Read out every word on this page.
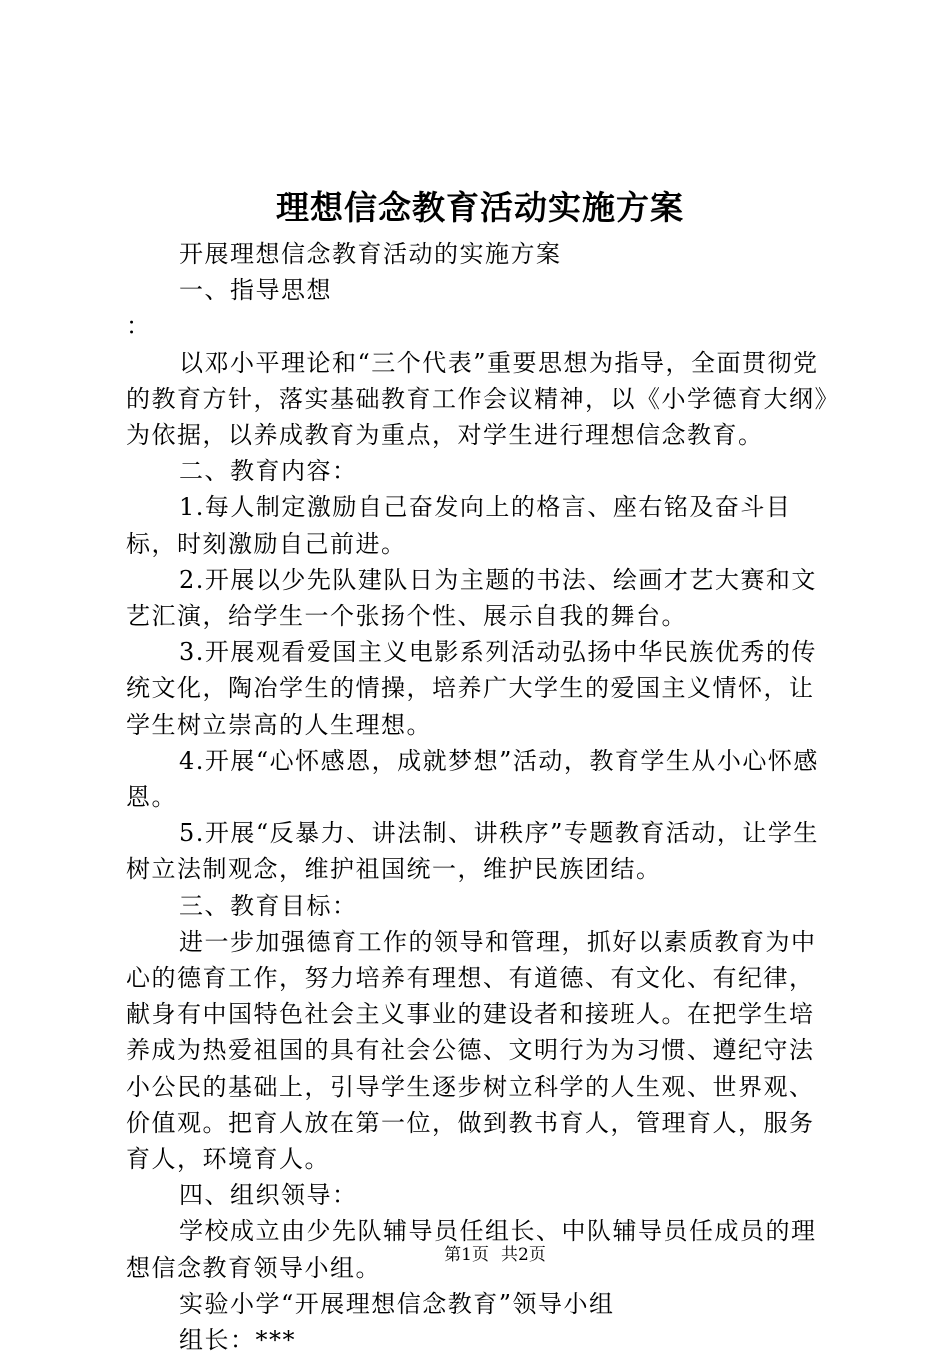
理想信念教育活动实施方案

开展理想信念教育活动的实施方案

一、指导思想

：

以邓小平理论和“三个代表”重要思想为指导，全面贯彻党的教育方针，落实基础教育工作会议精神，以《小学德育大纲》为依据，以养成教育为重点，对学生进行理想信念教育。

二、教育内容：

1.每人制定激励自己奋发向上的格言、座右铭及奋斗目标，时刻激励自己前进。

2.开展以少先队建队日为主题的书法、绘画才艺大赛和文艺汇演，给学生一个张扬个性、展示自我的舞台。

3.开展观看爱国主义电影系列活动弘扬中华民族优秀的传统文化，陶冶学生的情操，培养广大学生的爱国主义情怀，让学生树立崇高的人生理想。

4.开展“心怀感恩，成就梦想”活动，教育学生从小心怀感恩。

5.开展“反暴力、讲法制、讲秩序”专题教育活动，让学生树立法制观念，维护祖国统一，维护民族团结。

三、教育目标：

进一步加强德育工作的领导和管理，抓好以素质教育为中心的德育工作，努力培养有理想、有道德、有文化、有纪律，献身有中国特色社会主义事业的建设者和接班人。在把学生培养成为热爱祖国的具有社会公德、文明行为为习惯、遵纪守法小公民的基础上，引导学生逐步树立科学的人生观、世界观、价值观。把育人放在第一位，做到教书育人，管理育人，服务育人，环境育人。

四、组织领导：

学校成立由少先队辅导员任组长、中队辅导员任成员的理想信念教育领导小组。

实验小学“开展理想信念教育”领导小组

组长：***

第1页 共2页
